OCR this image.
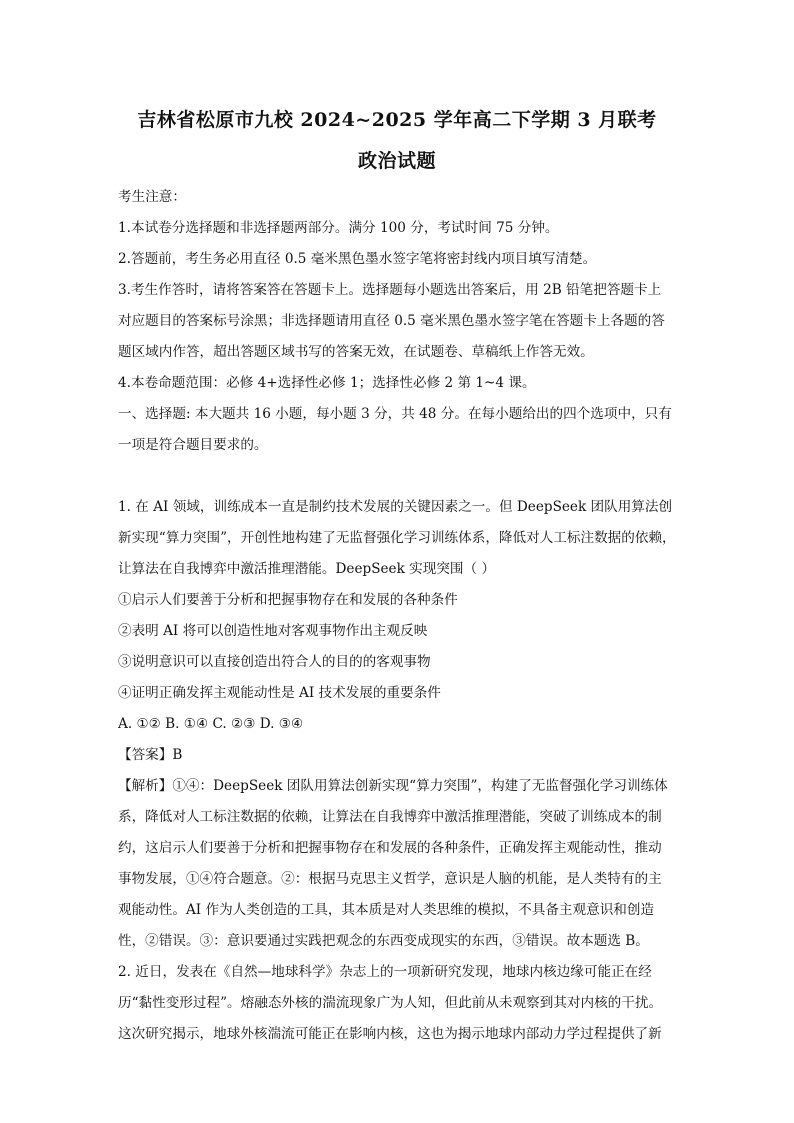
吉林省松原市九校 2024~2025 学年高二下学期 3 月联考
政治试题
考生注意：
1.本试卷分选择题和非选择题两部分。满分 100 分，考试时间 75 分钟。
2.答题前，考生务必用直径 0.5 毫米黑色墨水签字笔将密封线内项目填写清楚。
3.考生作答时，请将答案答在答题卡上。选择题每小题选出答案后，用 2B 铅笔把答题卡上
对应题目的答案标号涂黑；非选择题请用直径 0.5 毫米黑色墨水签字笔在答题卡上各题的答
题区域内作答，超出答题区域书写的答案无效，在试题卷、草稿纸上作答无效。
4.本卷命题范围：必修 4+选择性必修 1；选择性必修 2 第 1~4 课。
一、选择题: 本大题共 16 小题，每小题 3 分，共 48 分。在每小题给出的四个选项中，只有
一项是符合题目要求的。
1. 在 AI 领域，训练成本一直是制约技术发展的关键因素之一。但 DeepSeek 团队用算法创
新实现“算力突围”，开创性地构建了无监督强化学习训练体系，降低对人工标注数据的依赖，
让算法在自我博弈中激活推理潜能。DeepSeek 实现突围（ ）
①启示人们要善于分析和把握事物存在和发展的各种条件
②表明 AI 将可以创造性地对客观事物作出主观反映
③说明意识可以直接创造出符合人的目的的客观事物
④证明正确发挥主观能动性是 AI 技术发展的重要条件
A. ①② B. ①④ C. ②③ D. ③④
【答案】B
【解析】①④：DeepSeek 团队用算法创新实现“算力突围”，构建了无监督强化学习训练体
系，降低对人工标注数据的依赖，让算法在自我博弈中激活推理潜能，突破了训练成本的制
约，这启示人们要善于分析和把握事物存在和发展的各种条件，正确发挥主观能动性，推动
事物发展，①④符合题意。②：根据马克思主义哲学，意识是人脑的机能，是人类特有的主
观能动性。AI 作为人类创造的工具，其本质是对人类思维的模拟，不具备主观意识和创造
性，②错误。③：意识要通过实践把观念的东西变成现实的东西，③错误。故本题选 B。
2. 近日，发表在《自然—地球科学》杂志上的一项新研究发现，地球内核边缘可能正在经
历“黏性变形过程”。熔融态外核的湍流现象广为人知，但此前从未观察到其对内核的干扰。
这次研究揭示，地球外核湍流可能正在影响内核，这也为揭示地球内部动力学过程提供了新
